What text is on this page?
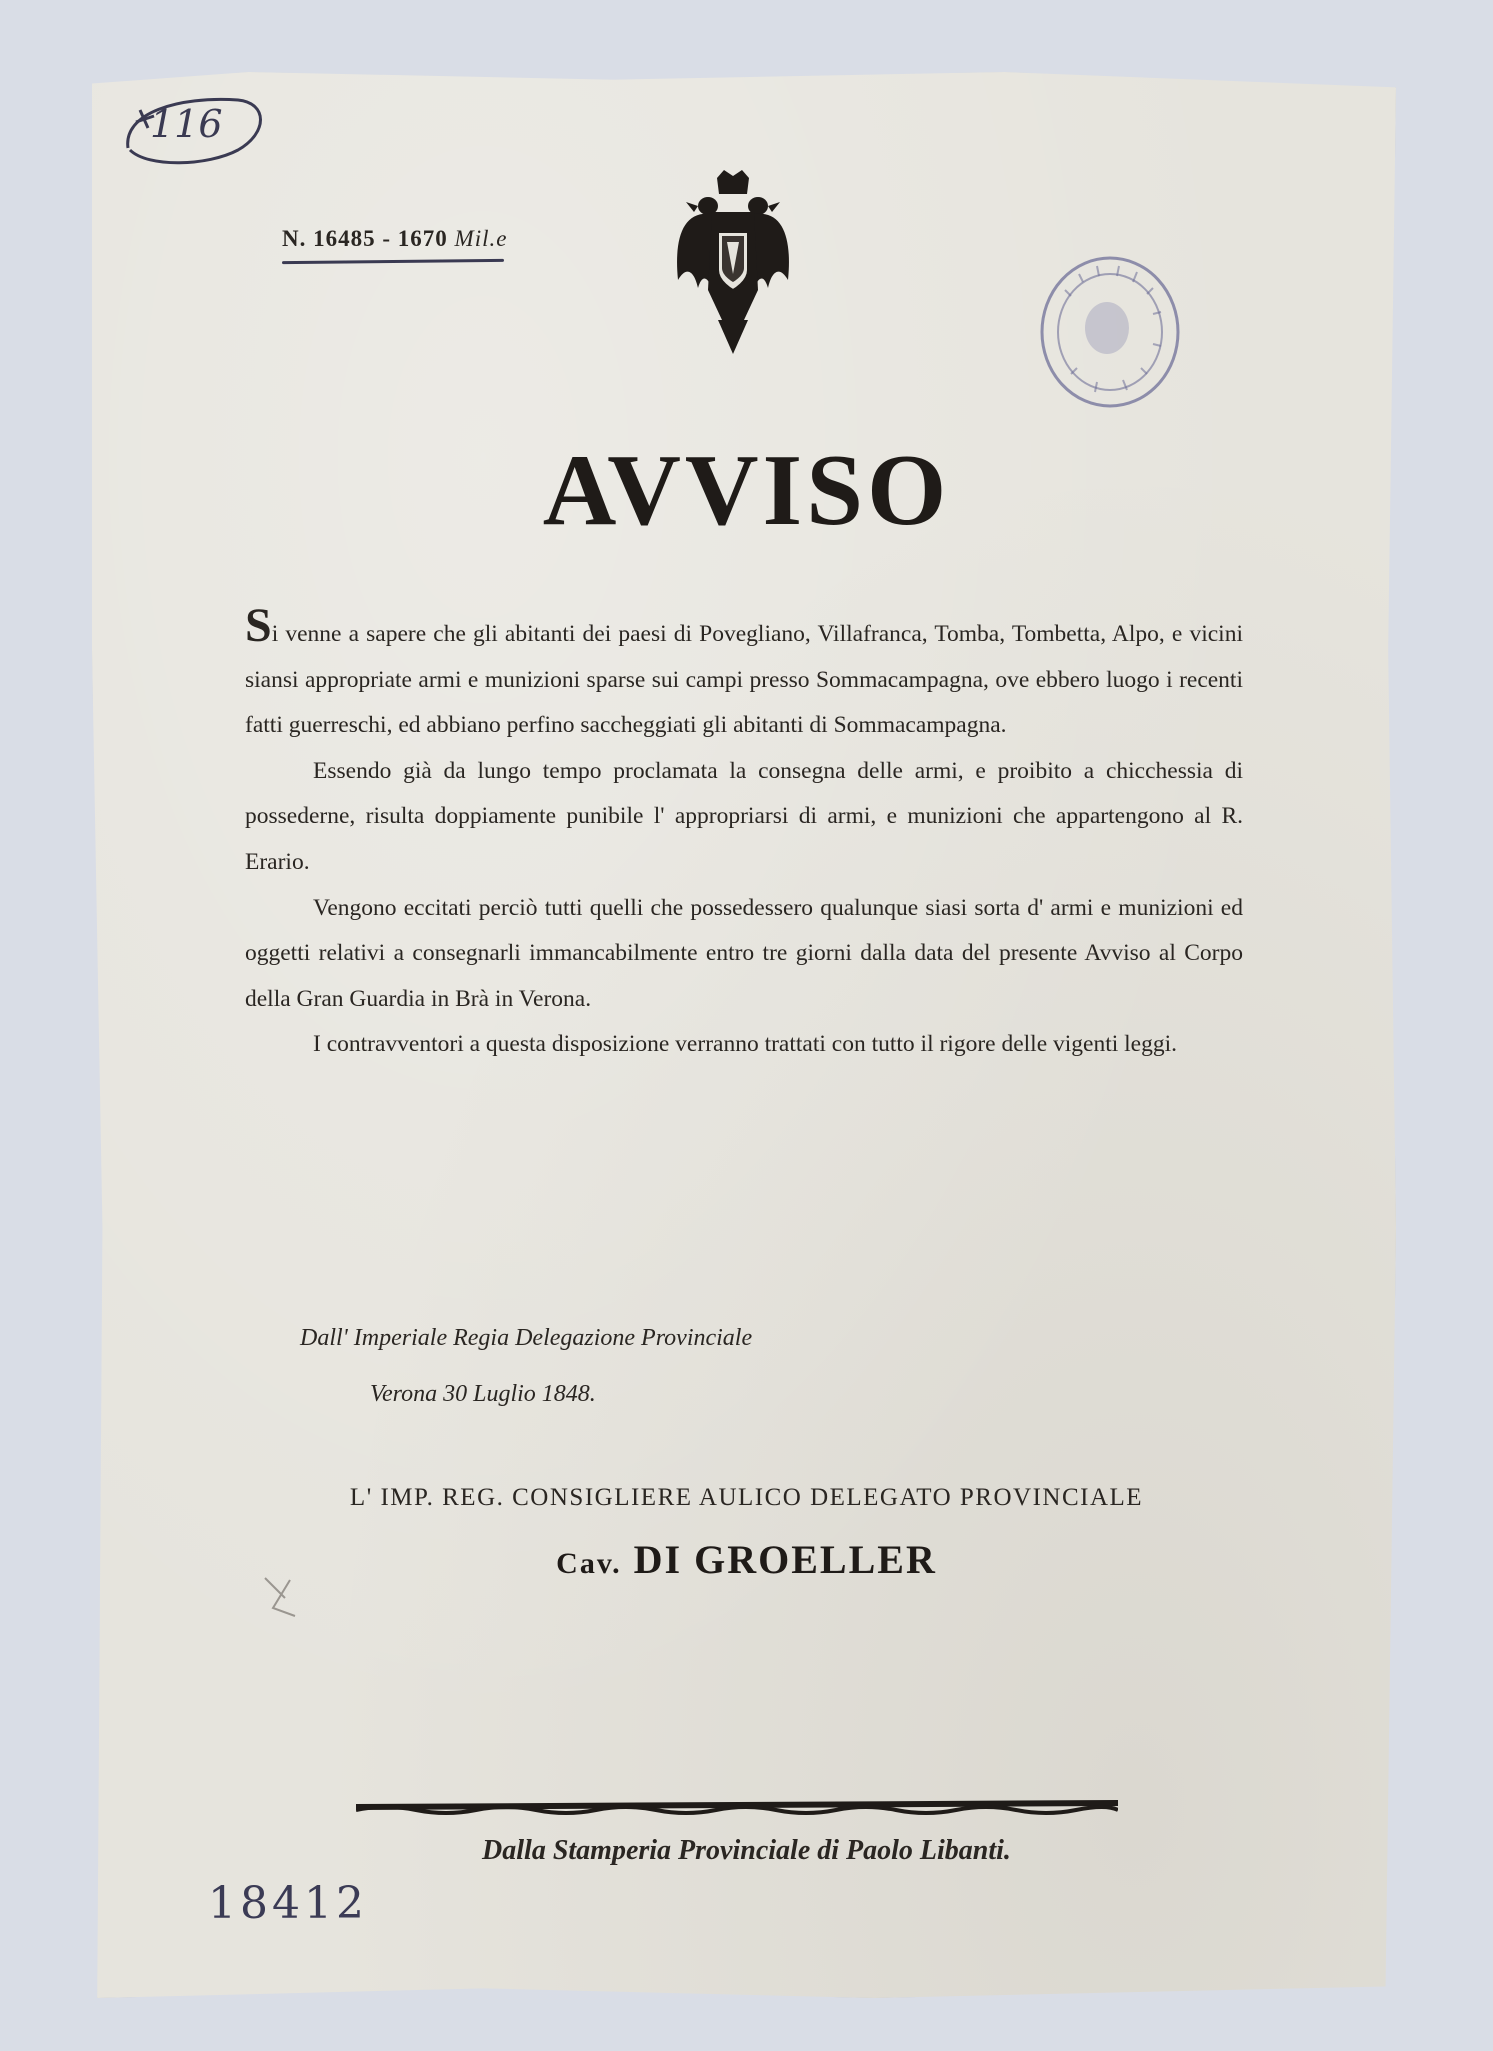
116
N. 16485 - 1670 Mil.e
AVVISO

Si venne a sapere che gli abitanti dei paesi di Povegliano, Villafranca, Tomba, Tombetta, Alpo, e vicini siansi appropriate armi e munizioni sparse sui campi presso Sommacampagna, ove ebbero luogo i recenti fatti guerreschi, ed abbiano perfino saccheggiati gli abitanti di Sommacampagna.

Essendo già da lungo tempo proclamata la consegna delle armi, e proibito a chicchessia di possederne, risulta doppiamente punibile l' appropriarsi di armi, e munizioni che appartengono al R. Erario.

Vengono eccitati perciò tutti quelli che possedessero qualunque siasi sorta d' armi e munizioni ed oggetti relativi a consegnarli immancabilmente entro tre giorni dalla data del presente Avviso al Corpo della Gran Guardia in Brà in Verona.

I contravventori a questa disposizione verranno trattati con tutto il rigore delle vigenti leggi.

Dall' Imperiale Regia Delegazione Provinciale
Verona 30 Luglio 1848.
L' IMP. REG. CONSIGLIERE AULICO DELEGATO PROVINCIALE
Cav. DI GROELLER
Dalla Stamperia Provinciale di Paolo Libanti.
18412
